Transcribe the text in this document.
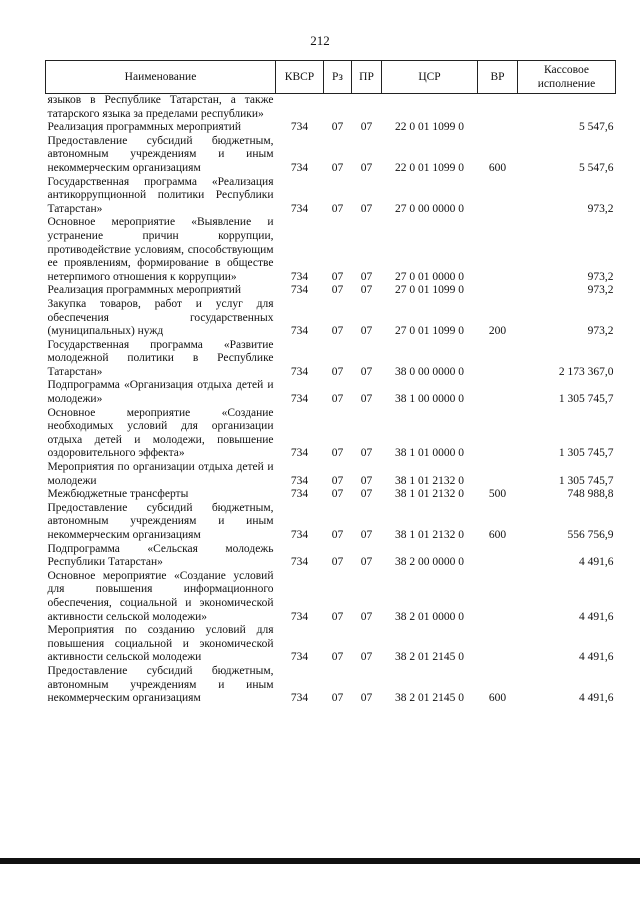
212
Наименование	КВСР	Рз	ПР	ЦСР	ВР	Кассовое исполнение
языков в Республике Татарстан, а также татарского языка за пределами республики»						
Реализация программных мероприятий	734	07	07	22 0 01 1099 0		5 547,6
Предоставление субсидий бюджетным, автономным учреждениям и иным некоммерческим организациям	734	07	07	22 0 01 1099 0	600	5 547,6
Государственная программа «Реализация антикоррупционной политики Республики Татарстан»	734	07	07	27 0 00 0000 0		973,2
Основное мероприятие «Выявление и устранение причин коррупции, противодействие условиям, способствующим ее проявлениям, формирование в обществе нетерпимого отношения к коррупции»	734	07	07	27 0 01 0000 0		973,2
Реализация программных мероприятий	734	07	07	27 0 01 1099 0		973,2
Закупка товаров, работ и услуг для обеспечения государственных (муниципальных) нужд	734	07	07	27 0 01 1099 0	200	973,2
Государственная программа «Развитие молодежной политики в Республике Татарстан»	734	07	07	38 0 00 0000 0		2 173 367,0
Подпрограмма «Организация отдыха детей и молодежи»	734	07	07	38 1 00 0000 0		1 305 745,7
Основное мероприятие «Создание необходимых условий для организации отдыха детей и молодежи, повышение оздоровительного эффекта»	734	07	07	38 1 01 0000 0		1 305 745,7
Мероприятия по организации отдыха детей и молодежи	734	07	07	38 1 01 2132 0		1 305 745,7
Межбюджетные трансферты	734	07	07	38 1 01 2132 0	500	748 988,8
Предоставление субсидий бюджетным, автономным учреждениям и иным некоммерческим организациям	734	07	07	38 1 01 2132 0	600	556 756,9
Подпрограмма «Сельская молодежь Республики Татарстан»	734	07	07	38 2 00 0000 0		4 491,6
Основное мероприятие «Создание условий для повышения информационного обеспечения, социальной и экономической активности сельской молодежи»	734	07	07	38 2 01 0000 0		4 491,6
Мероприятия по созданию условий для повышения социальной и экономической активности сельской молодежи	734	07	07	38 2 01 2145 0		4 491,6
Предоставление субсидий бюджетным, автономным учреждениям и иным некоммерческим организациям	734	07	07	38 2 01 2145 0	600	4 491,6
